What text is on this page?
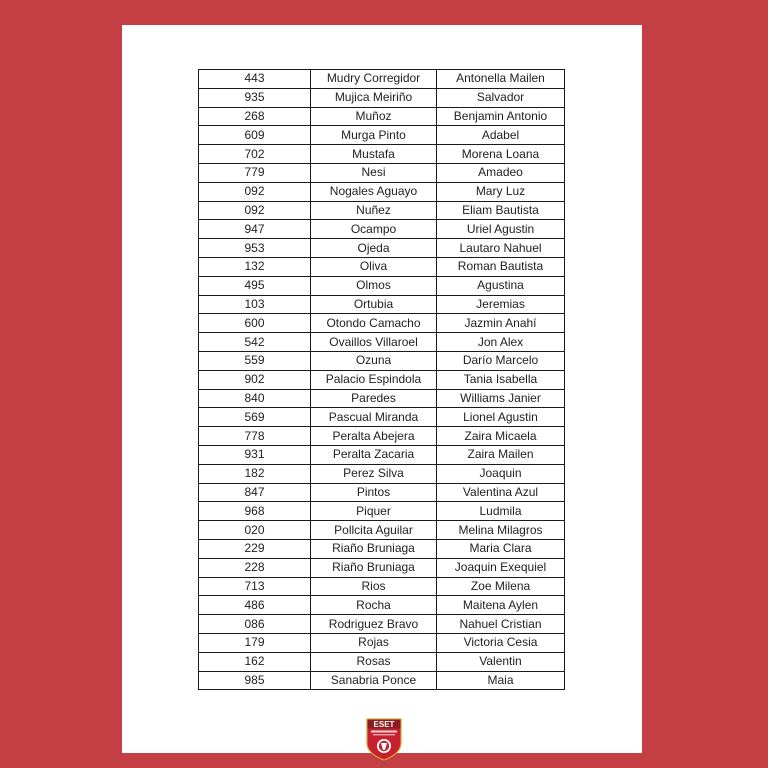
443	Mudry Corregidor	Antonella Mailen
935	Mujica Meiriño	Salvador
268	Muñoz	Benjamin Antonio
609	Murga Pinto	Adabel
702	Mustafa	Morena Loana
779	Nesi	Amadeo
092	Nogales Aguayo	Mary Luz
092	Nuñez	Eliam Bautista
947	Ocampo	Uriel Agustin
953	Ojeda	Lautaro Nahuel
132	Oliva	Roman Bautista
495	Olmos	Agustina
103	Ortubia	Jeremias
600	Otondo Camacho	Jazmin Anahí
542	Ovaillos Villaroel	Jon Alex
559	Ozuna	Darío Marcelo
902	Palacio Espindola	Tania Isabella
840	Paredes	Williams Janier
569	Pascual Miranda	Lionel Agustin
778	Peralta Abejera	Zaira Micaela
931	Peralta Zacaria	Zaira Mailen
182	Perez Silva	Joaquin
847	Pintos	Valentina Azul
968	Piquer	Ludmila
020	Pollcita Aguilar	Melina Milagros
229	Riaño Bruniaga	Maria Clara
228	Riaño Bruniaga	Joaquin Exequiel
713	Rios	Zoe Milena
486	Rocha	Maitena Aylen
086	Rodriguez Bravo	Nahuel Cristian
179	Rojas	Victoria Cesia
162	Rosas	Valentin
985	Sanabria Ponce	Maia
ESET
